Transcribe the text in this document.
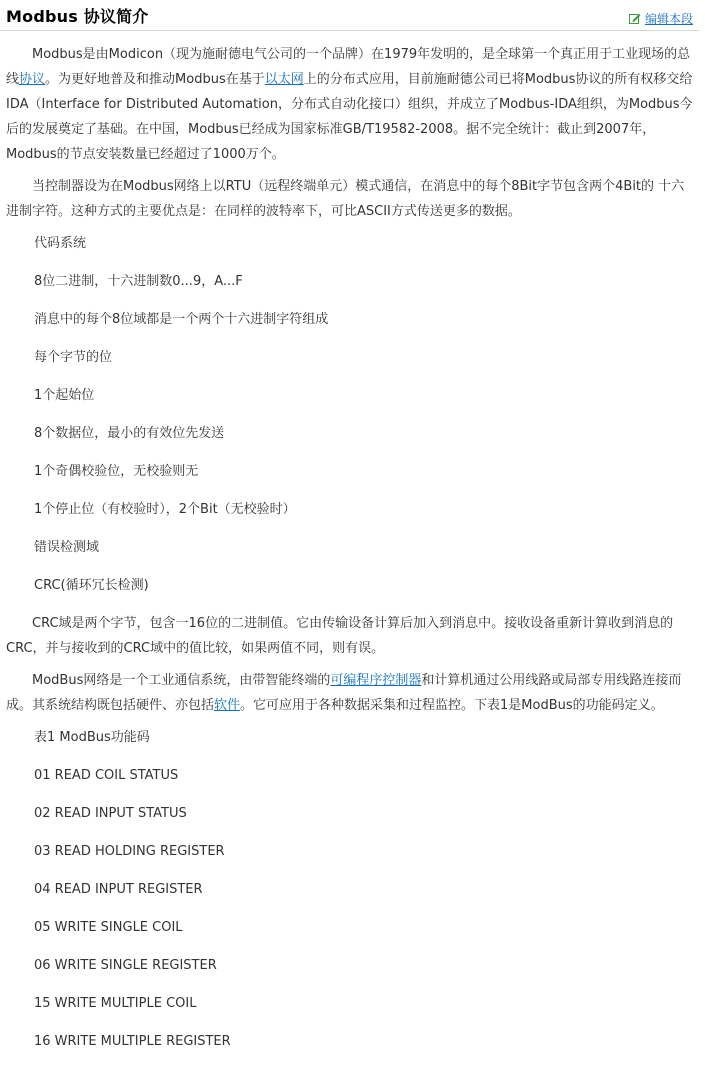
Modbus 协议简介	编辑本段

Modbus是由Modicon（现为施耐德电气公司的一个品牌）在1979年发明的，是全球第一个真正用于工业现场的总线协议。为更好地普及和推动Modbus在基于以太网上的分布式应用，目前施耐德公司已将Modbus协议的所有权移交给IDA（Interface for Distributed Automation，分布式自动化接口）组织，并成立了Modbus-IDA组织，为Modbus今后的发展奠定了基础。在中国，Modbus已经成为国家标准GB/T19582-2008。据不完全统计：截止到2007年，Modbus的节点安装数量已经超过了1000万个。

当控制器设为在Modbus网络上以RTU（远程终端单元）模式通信，在消息中的每个8Bit字节包含两个4Bit的 十六进制字符。这种方式的主要优点是：在同样的波特率下，可比ASCII方式传送更多的数据。

代码系统
8位二进制，十六进制数0...9，A...F
消息中的每个8位域都是一个两个十六进制字符组成
每个字节的位
1个起始位
8个数据位，最小的有效位先发送
1个奇偶校验位，无校验则无
1个停止位（有校验时），2个Bit（无校验时）
错误检测域
CRC(循环冗长检测)

CRC域是两个字节，包含一16位的二进制值。它由传输设备计算后加入到消息中。接收设备重新计算收到消息的CRC，并与接收到的CRC域中的值比较，如果两值不同，则有误。

ModBus网络是一个工业通信系统，由带智能终端的可编程序控制器和计算机通过公用线路或局部专用线路连接而成。其系统结构既包括硬件、亦包括软件。它可应用于各种数据采集和过程监控。下表1是ModBus的功能码定义。

表1 ModBus功能码
01 READ COIL STATUS
02 READ INPUT STATUS
03 READ HOLDING REGISTER
04 READ INPUT REGISTER
05 WRITE SINGLE COIL
06 WRITE SINGLE REGISTER
15 WRITE MULTIPLE COIL
16 WRITE MULTIPLE REGISTER
